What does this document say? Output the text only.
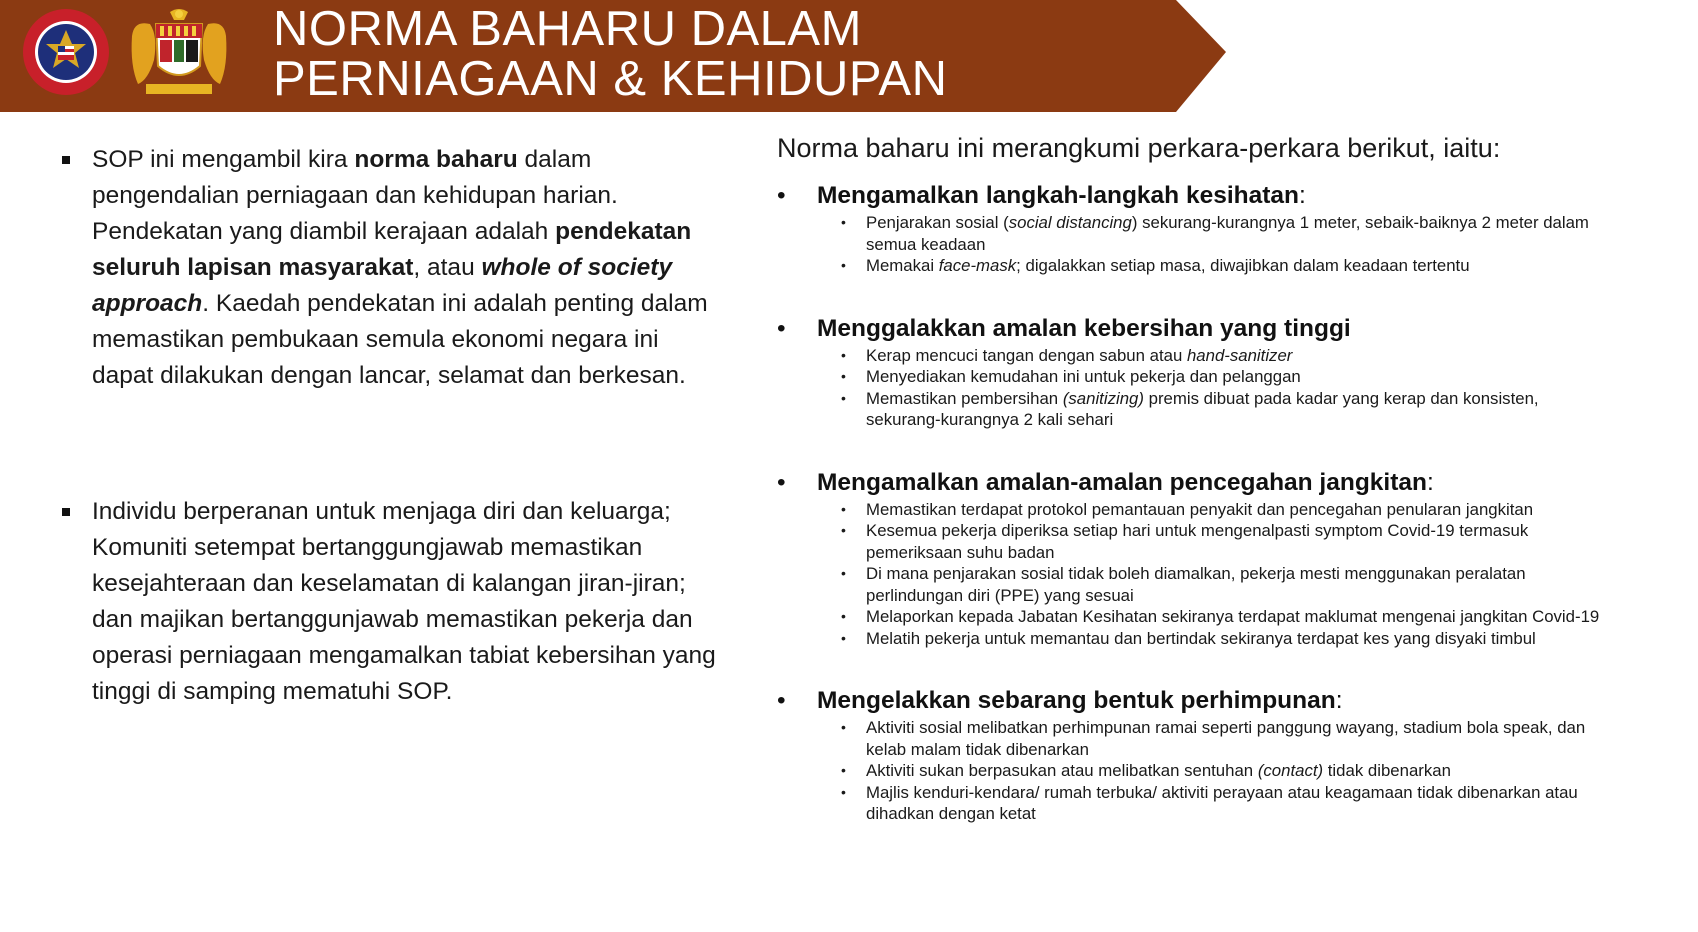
NORMA BAHARU DALAM
PERNIAGAAN & KEHIDUPAN
SOP ini mengambil kira norma baharu dalam pengendalian perniagaan dan kehidupan harian. Pendekatan yang diambil kerajaan adalah pendekatan seluruh lapisan masyarakat, atau whole of society approach. Kaedah pendekatan ini adalah penting dalam memastikan pembukaan semula ekonomi negara ini dapat dilakukan dengan lancar, selamat dan berkesan.
Individu berperanan untuk menjaga diri dan keluarga; Komuniti setempat bertanggungjawab memastikan kesejahteraan dan keselamatan di kalangan jiran-jiran; dan majikan bertanggunjawab memastikan pekerja dan operasi perniagaan mengamalkan tabiat kebersihan yang tinggi di samping mematuhi SOP.
Norma baharu ini merangkumi perkara-perkara berikut, iaitu:
• Mengamalkan langkah-langkah kesihatan:
• Penjarakan sosial (social distancing) sekurang-kurangnya 1 meter, sebaik-baiknya 2 meter dalam semua keadaan
• Memakai face-mask; digalakkan setiap masa, diwajibkan dalam keadaan tertentu
• Menggalakkan amalan kebersihan yang tinggi
• Kerap mencuci tangan dengan sabun atau hand-sanitizer
• Menyediakan kemudahan ini untuk pekerja dan pelanggan
• Memastikan pembersihan (sanitizing) premis dibuat pada kadar yang kerap dan konsisten, sekurang-kurangnya 2 kali sehari
• Mengamalkan amalan-amalan pencegahan jangkitan:
• Memastikan terdapat protokol pemantauan penyakit dan pencegahan penularan jangkitan
• Kesemua pekerja diperiksa setiap hari untuk mengenalpasti symptom Covid-19 termasuk pemeriksaan suhu badan
• Di mana penjarakan sosial tidak boleh diamalkan, pekerja mesti menggunakan peralatan perlindungan diri (PPE) yang sesuai
• Melaporkan kepada Jabatan Kesihatan sekiranya terdapat maklumat mengenai jangkitan Covid-19
• Melatih pekerja untuk memantau dan bertindak sekiranya terdapat kes yang disyaki timbul
• Mengelakkan sebarang bentuk perhimpunan:
• Aktiviti sosial melibatkan perhimpunan ramai seperti panggung wayang, stadium bola speak, dan kelab malam tidak dibenarkan
• Aktiviti sukan berpasukan atau melibatkan sentuhan (contact) tidak dibenarkan
• Majlis kenduri-kendara/ rumah terbuka/ aktiviti perayaan atau keagamaan tidak dibenarkan atau dihadkan dengan ketat
